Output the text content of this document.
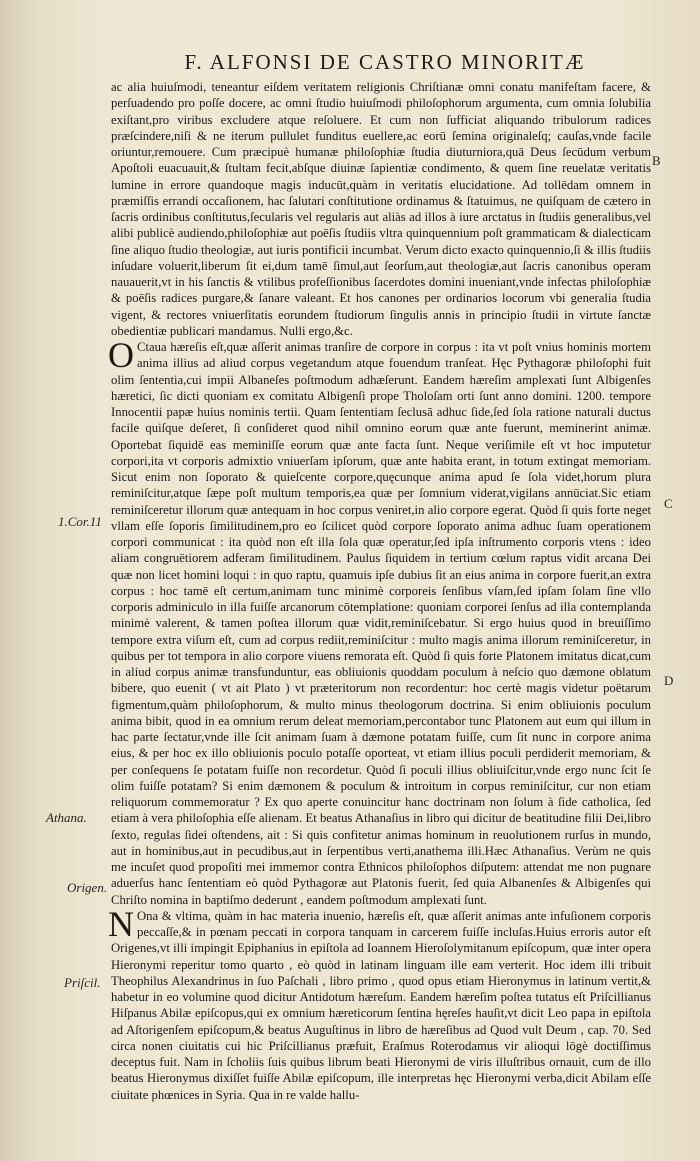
F. ALFONSI DE CASTRO MINORITÆ

ac alia huiuſmodi, teneantur eiſdem veritatem religionis Chriſtianæ omni conatu manifeſtam facere, & perſuadendo pro poſſe docere, ac omni ſtudio huiuſmodi philoſophorum argumenta, cum omnia ſolubilia exiſtant,pro viribus excludere atque reſoluere. Et cum non ſufficiat aliquando tribulorum radices præſcindere,niſi & ne iterum pullulet funditus euellere,ac eorū ſemina originaleſq; cauſas,vnde facile oriuntur,remouere. Cum præcipuè humanæ philoſophiæ ſtudia diuturniora,quā Deus ſecūdum verbum Apoſtoli euacuauit,& ſtultam fecit,abſque diuinæ ſapientiæ condimento, & quem ſine reuelatæ veritatis lumine in errore quandoque magis inducūt,quàm in veritatis elucidatione. Ad tollēdam omnem in præmiſſis errandi occaſionem, hac ſalutari conſtitutione ordinamus & ſtatuimus, ne quiſquam de cætero in ſacris ordinibus conſtitutus,ſecularis vel regularis aut aliàs ad illos à iure arctatus in ſtudiis generalibus,vel alibi publicè audiendo,philoſophiæ aut poēſis ſtudiis vltra quinquennium poſt grammaticam & dialecticam ſine aliquo ſtudio theologiæ, aut iuris pontificii incumbat. Verum dicto exacto quinquennio,ſi & illis ſtudiis inſudare voluerit,liberum ſit ei,dum tamē ſimul,aut ſeorſum,aut theologiæ,aut ſacris canonibus operam nauauerit,vt in his ſanctis & vtilibus profeſſionibus ſacerdotes domini inueniant,vnde infectas philoſophiæ & poēſis radices purgare,& ſanare valeant. Et hos canones per ordinarios locorum vbi generalia ſtudia vigent, & rectores vniuerſitatis eorundem ſtudiorum ſingulis annis in principio ſtudii in virtute ſanctæ obedientiæ publicari mandamus. Nulli ergo,&c.

O Ctaua hæreſis eſt,quæ aſſerit animas tranſire de corpore in corpus : ita vt poſt vnius hominis mortem anima illius ad aliud corpus vegetandum atque fouendum tranſeat. Hęc Pythagoræ philoſophi fuit olim ſententia,cui impii Albaneſes poſtmodum adhæſerunt. Eandem hæreſim amplexati ſunt Albigenſes hæretici, ſic dicti quoniam ex comitatu Albigenſi prope Tholoſam orti ſunt anno domini. 1200. tempore Innocentii papæ huius nominis tertii. Quam ſententiam ſeclusā adhuc ſide,ſed ſola ratione naturali ductus facile quiſque deſeret, ſi conſideret quod nihil omnino eorum quæ ante fuerunt, meminerint animæ. Oportebat ſiquidē eas meminiſſe eorum quæ ante facta ſunt. Neque veriſimile eſt vt hoc imputetur corpori,ita vt corporis admixtio vniuerſam ipſorum, quæ ante habita erant, in totum extingat memoriam. Sicut enim non ſoporato & quieſcente corpore,quęcunque anima apud ſe ſola videt,horum plura reminiſcitur,atque ſæpe poſt multum temporis,ea quæ per ſomnium viderat,vigilans annūciat.Sic etiam reminiſceretur illorum quæ antequam in hoc corpus veniret,in alio corpore egerat. Quòd ſi quis forte neget vllam eſſe ſoporis ſimilitudinem,pro eo ſcilicet quòd corpore ſoporato anima adhuc ſuam operationem corpori communicat : ita quòd non eſt illa ſola quæ operatur,ſed ipſa inſtrumento corporis vtens : ideo aliam congruëtiorem adferam ſimilitudinem. Paulus ſiquidem in tertium cœlum raptus vidit arcana Dei quæ non licet homini loqui : in quo raptu, quamuis ipſe dubius ſit an eius anima in corpore fuerit,an extra corpus : hoc tamē eſt certum,animam tunc minimè corporeis ſenſibus vſam,ſed ipſam ſolam ſine vllo corporis adminiculo in illa fuiſſe arcanorum cōtemplatione: quoniam corporei ſenſus ad illa contemplanda minimè valerent, & tamen poſtea illorum quæ vidit,reminiſcebatur. Si ergo huius quod in breuiſſimo tempore extra viſum eſt, cum ad corpus rediit,reminiſcitur : multo magis anima illorum reminiſceretur, in quibus per tot tempora in alio corpore viuens remorata eſt. Quòd ſi quis forte Platonem imitatus dicat,cum in aliud corpus animæ transfunduntur, eas obliuionis quoddam poculum à neſcio quo dæmone oblatum bibere, quo euenit ( vt ait Plato ) vt præteritorum non recordentur: hoc certè magis videtur poëtarum figmentum,quàm philoſophorum, & multo minus theologorum doctrina. Si enim obliuionis poculum anima bibit, quod in ea omnium rerum deleat memoriam,percontabor tunc Platonem aut eum qui illum in hac parte ſectatur,vnde ille ſcit animam ſuam à dæmone potatam fuiſſe, cum ſit nunc in corpore anima eius, & per hoc ex illo obliuionis poculo potaſſe oporteat, vt etiam illius poculi perdiderit memoriam, & per conſequens ſe potatam fuiſſe non recordetur. Quòd ſi poculi illius obliuiſcitur,vnde ergo nunc ſcit ſe olim fuiſſe potatam? Si enim dæmonem & poculum & introitum in corpus reminiſcitur, cur non etiam reliquorum commemoratur ? Ex quo aperte conuincitur hanc doctrinam non ſolum à ſide catholica, ſed etiam à vera philoſophia eſſe alienam. Et beatus Athanaſius in libro qui dicitur de beatitudine filii Dei,libro ſexto, regulas ſidei oſtendens, ait : Si quis confitetur animas hominum in reuolutionem rurſus in mundo, aut in hominibus,aut in pecudibus,aut in ſerpentibus verti,anathema illi.Hæc Athanaſius. Verùm ne quis me incuſet quod propoſiti mei immemor contra Ethnicos philoſophos diſputem: attendat me non pugnare aduerſus hanc ſententiam eò quòd Pythagoræ aut Platonis fuerit, ſed quia Albanenſes & Albigenſes qui Chriſto nomina in baptiſmo dederunt , eandem poſtmodum amplexati ſunt.

N Ona & vltima, quàm in hac materia inuenio, hæreſis eſt, quæ aſſerit animas ante infuſionem corporis peccaſſe,& in pœnam peccati in corpora tanquam in carcerem fuiſſe incluſas.Huius erroris autor eſt Origenes,vt illi impingit Epiphanius in epiſtola ad Ioannem Hieroſolymitanum epiſcopum, quæ inter opera Hieronymi reperitur tomo quarto , eò quòd in latinam linguam ille eam verterit. Hoc idem illi tribuit Theophilus Alexandrinus in ſuo Paſchali , libro primo , quod opus etiam Hieronymus in latinum vertit,& habetur in eo volumine quod dicitur Antidotum hæreſum. Eandem hæreſim poſtea tutatus eſt Priſcillianus Hiſpanus Abilæ epiſcopus,qui ex omnium hæreticorum ſentina hęreſes hauſit,vt dicit Leo papa in epiſtola ad Aſtorigenſem epiſcopum,& beatus Auguſtinus in libro de hæreſibus ad Quod vult Deum , cap. 70. Sed circa nonen ciuitatis cui hic Priſcillianus præfuit, Eraſmus Roterodamus vir alioqui lōgè doctiſſimus deceptus fuit. Nam in ſcholiis ſuis quibus librum beati Hieronymi de viris illuſtribus ornauit, cum de illo beatus Hieronymus dixiſſet fuiſſe Abilæ epiſcopum, ille interpretas hęc Hieronymi verba,dicit Abilam eſſe ciuitate phœnices in Syria. Qua in re valde hallu-

B
C
D
1.Cor.11
Athana.
Origen.
Priſcil.
